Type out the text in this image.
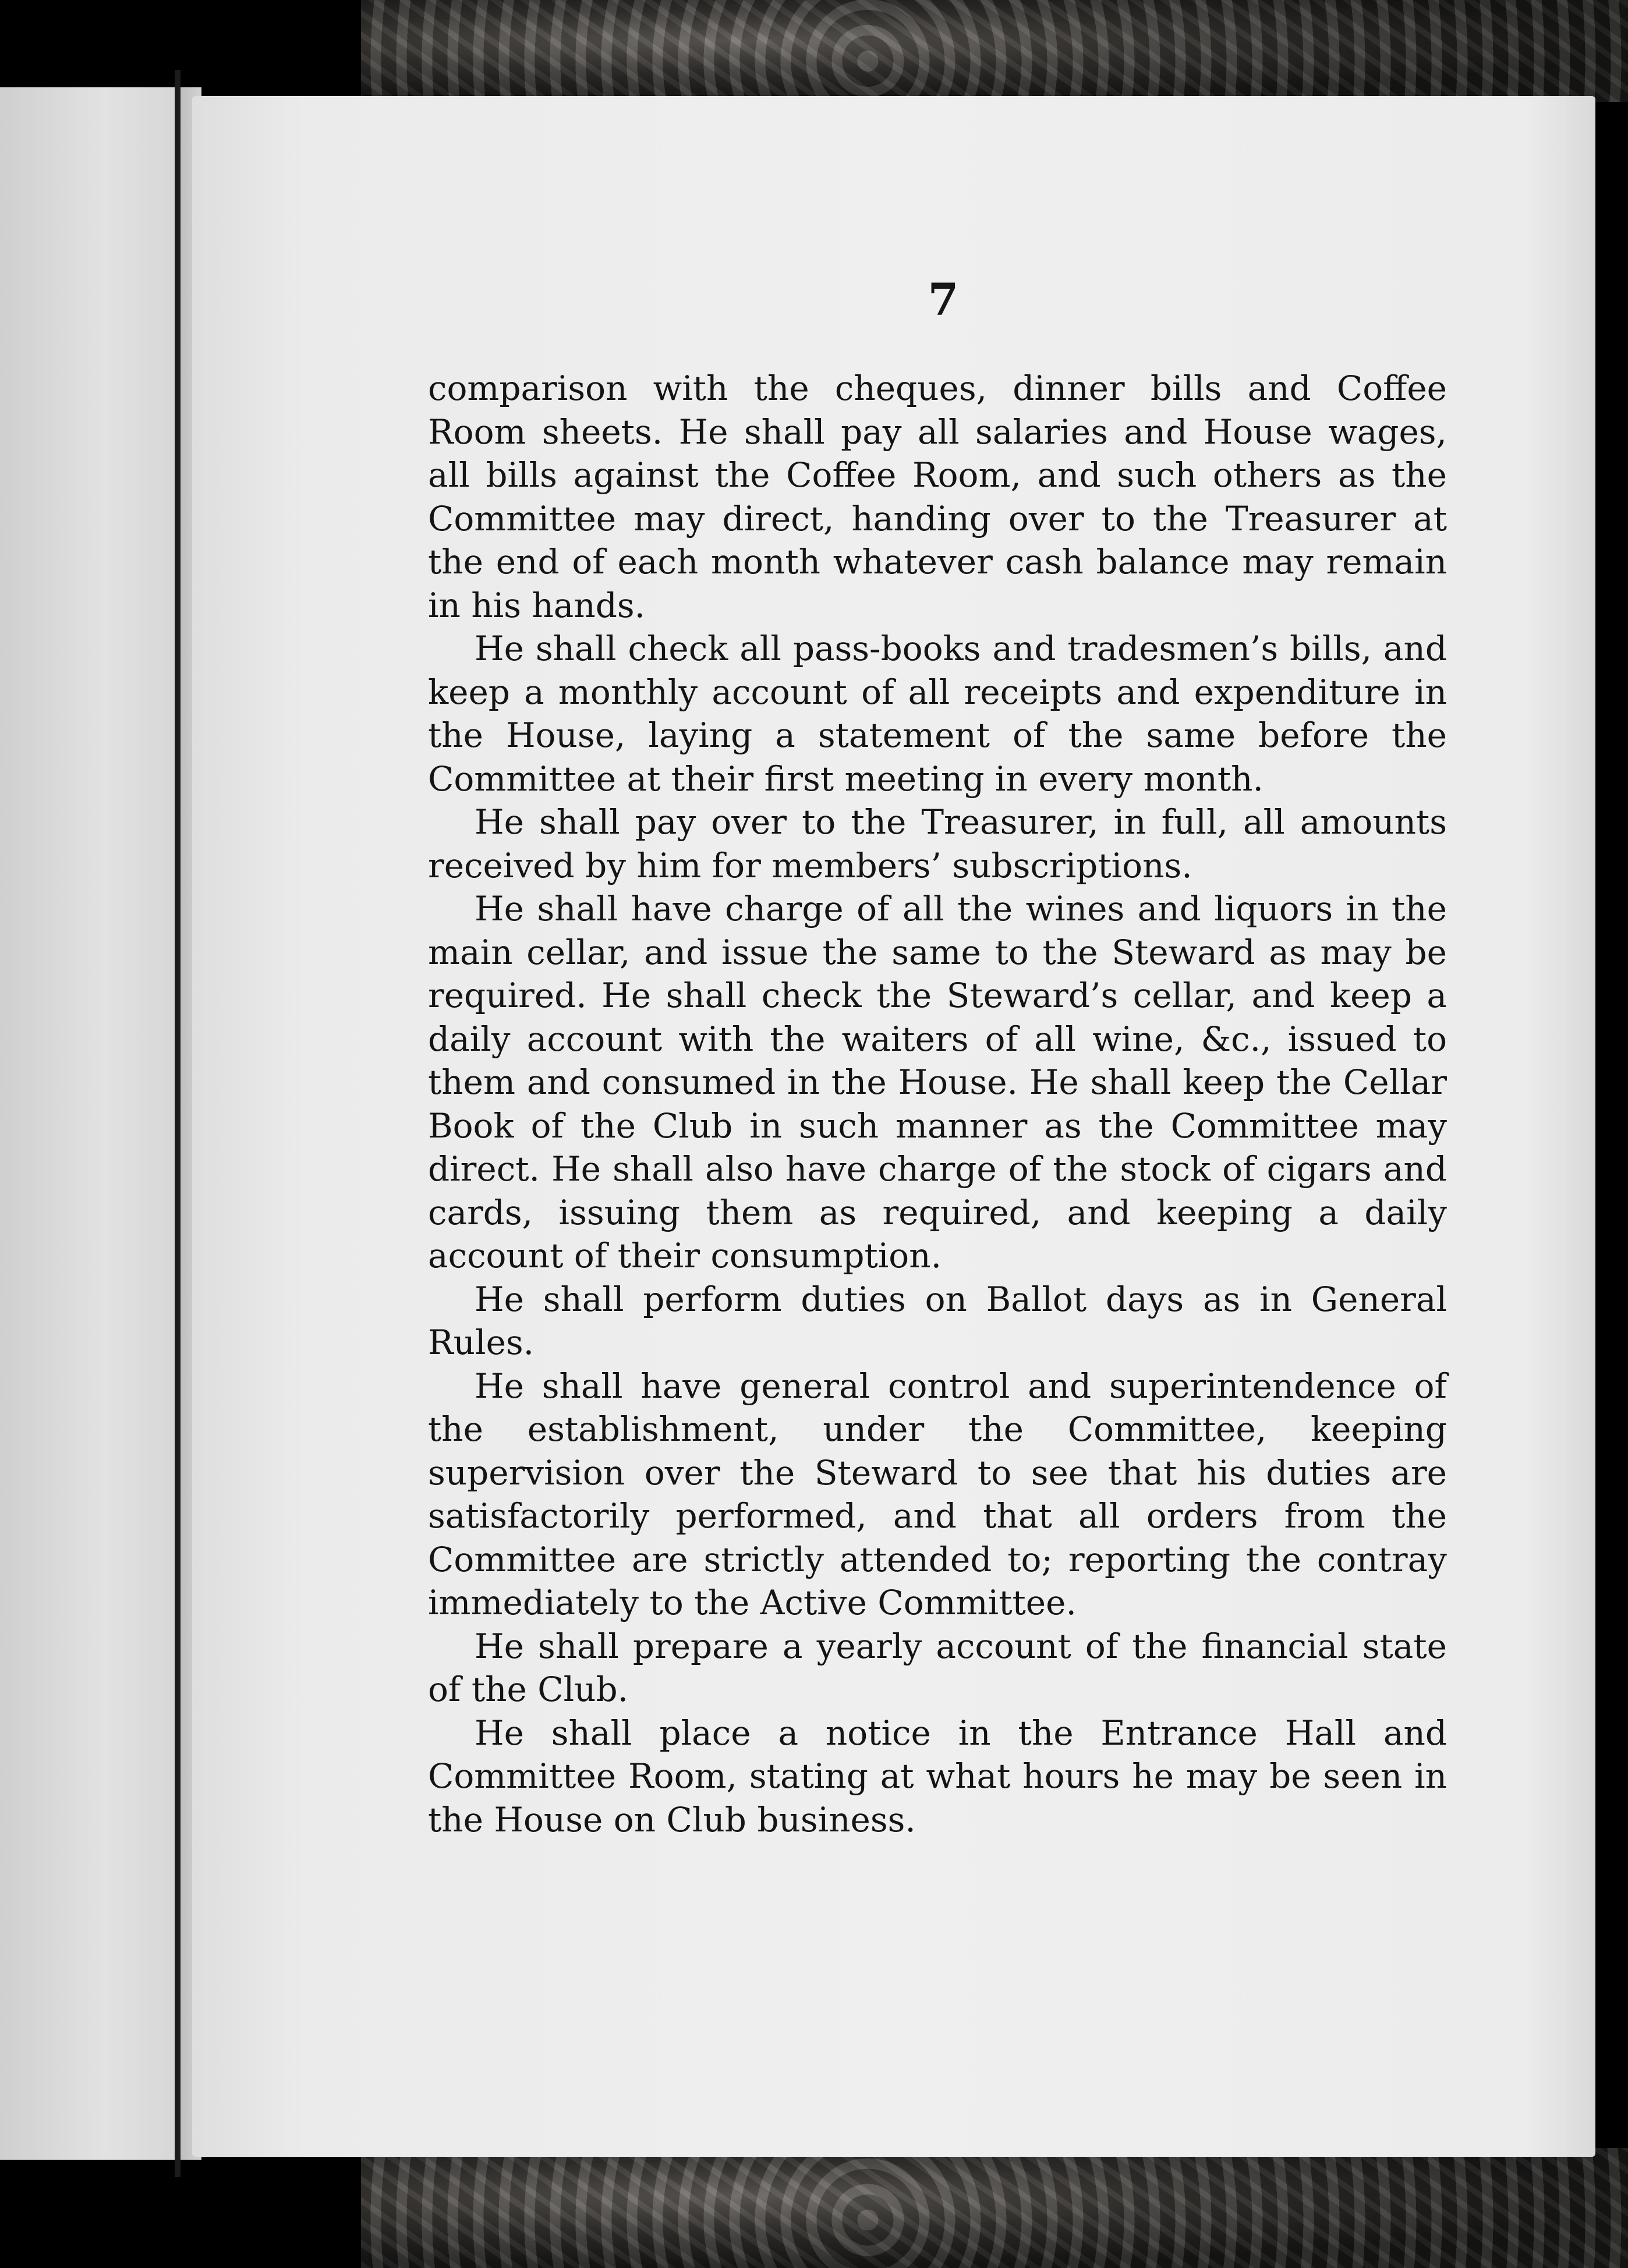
7

comparison with the cheques, dinner bills and Coffee Room sheets. He shall pay all salaries and House wages, all bills against the Coffee Room, and such others as the Committee may direct, handing over to the Treasurer at the end of each month whatever cash balance may remain in his hands.

He shall check all pass-books and tradesmen’s bills, and keep a monthly account of all receipts and expenditure in the House, laying a statement of the same before the Committee at their first meeting in every month.

He shall pay over to the Treasurer, in full, all amounts received by him for members’ subscriptions.

He shall have charge of all the wines and liquors in the main cellar, and issue the same to the Steward as may be required. He shall check the Steward’s cellar, and keep a daily account with the waiters of all wine, &c., issued to them and consumed in the House. He shall keep the Cellar Book of the Club in such manner as the Committee may direct. He shall also have charge of the stock of cigars and cards, issuing them as required, and keeping a daily account of their consumption.

He shall perform duties on Ballot days as in General Rules.

He shall have general control and superintendence of the establishment, under the Committee, keeping supervision over the Steward to see that his duties are satisfactorily performed, and that all orders from the Committee are strictly attended to; reporting the contray immediately to the Active Committee.

He shall prepare a yearly account of the financial state of the Club.

He shall place a notice in the Entrance Hall and Committee Room, stating at what hours he may be seen in the House on Club business.
